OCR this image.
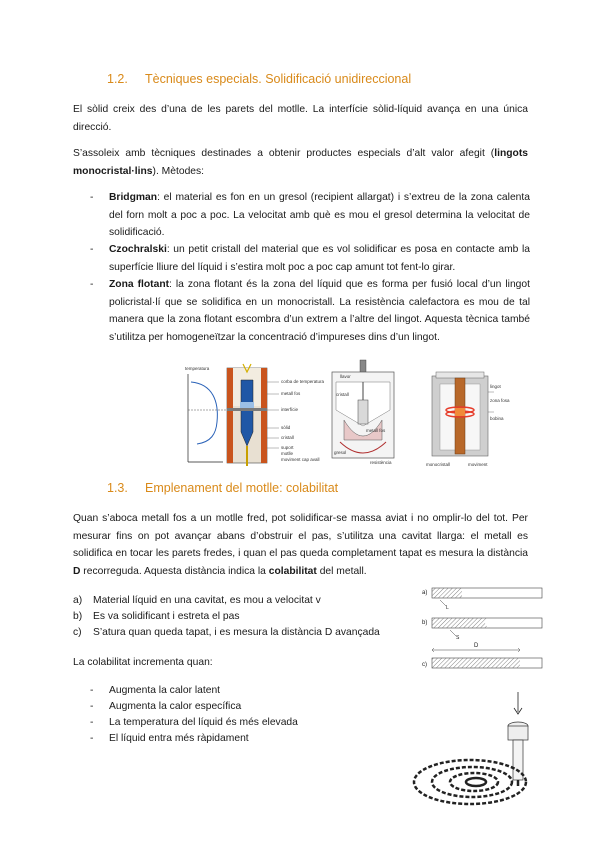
1.2. Tècniques especials. Solidificació unidireccional
El sòlid creix des d’una de les parets del motlle. La interfície sòlid-líquid avança en una única direcció.
S’assoleix amb tècniques destinades a obtenir productes especials d’alt valor afegit (lingots monocristal·lins). Mètodes:
-	Bridgman: el material es fon en un gresol (recipient allargat) i s’extreu de la zona calenta del forn molt a poc a poc. La velocitat amb què es mou el gresol determina la velocitat de solidificació.
-	Czochralski: un petit cristall del material que es vol solidificar es posa en contacte amb la superfície lliure del líquid i s’estira molt poc a poc cap amunt tot fent-lo girar.
-	Zona flotant: la zona flotant és la zona del líquid que es forma per fusió local d’un lingot policristal·lí que se solidifica en un monocristall. La resistència calefactora es mou de tal manera que la zona flotant escombra d’un extrem a l’altre del lingot. Aquesta tècnica també s’utilitza per homogeneïtzar la concentració d’impureses dins d’un lingot.
corba de temperatura
metall fos
interfície
sòlid
cristall
suport
motlle
moviment cap avall
temperatura
llavor
cristall
metall fos
gresol
resistència
lingot
zona fosa
bobina
monocristall	moviment
1.3. Emplenament del motlle: colabilitat
Quan s’aboca metall fos a un motlle fred, pot solidificar-se massa aviat i no omplir-lo del tot. Per mesurar fins on pot avançar abans d’obstruir el pas, s’utilitza una cavitat llarga: el metall es solidifica en tocar les parets fredes, i quan el pas queda completament tapat es mesura la distància D recorreguda. Aquesta distància indica la colabilitat del metall.
a) Material líquid en una cavitat, es mou a velocitat v
b) Es va solidificant i estreta el pas
c) S’atura quan queda tapat, i es mesura la distància D avançada
La colabilitat incrementa quan:
- Augmenta la calor latent
- Augmenta la calor específica
- La temperatura del líquid és més elevada
- El líquid entra més ràpidament
a)
L
b)
S
c)
D
